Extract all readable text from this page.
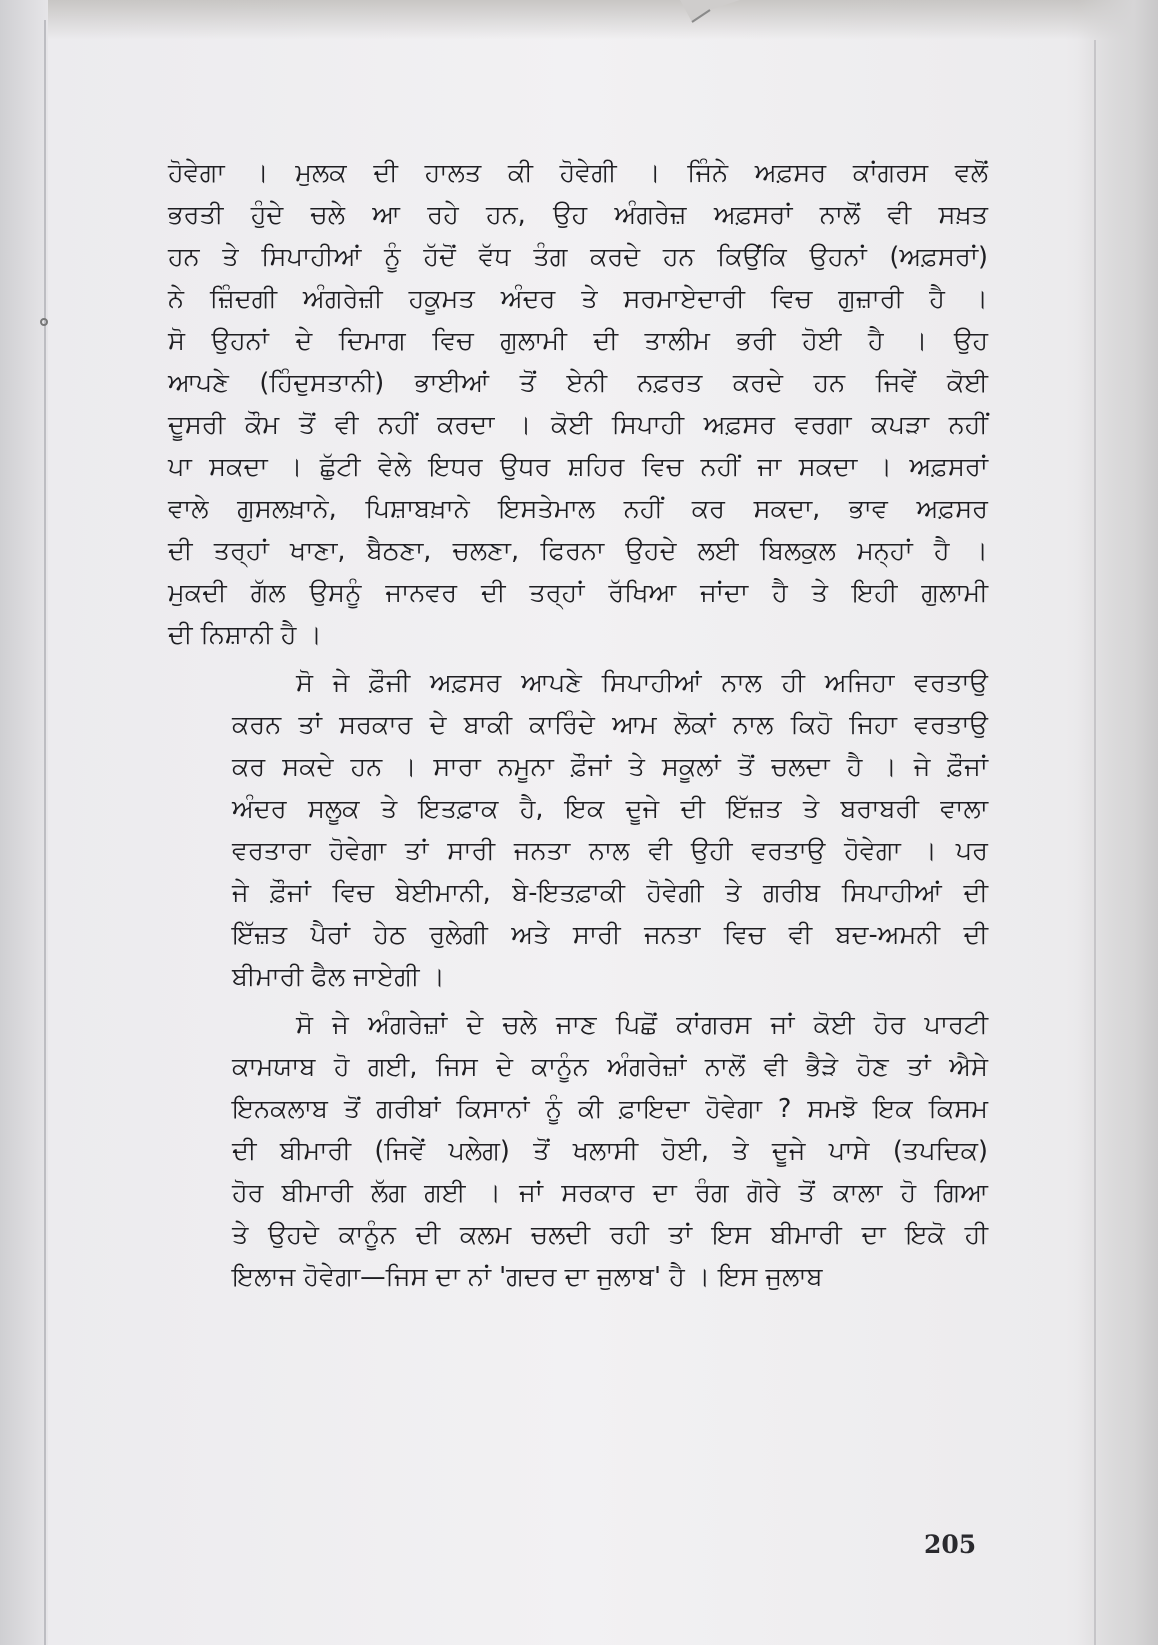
ਹੋਵੇਗਾ । ਮੁਲਕ ਦੀ ਹਾਲਤ ਕੀ ਹੋਵੇਗੀ । ਜਿੰਨੇ ਅਫ਼ਸਰ ਕਾਂਗਰਸ ਵਲੋਂ
ਭਰਤੀ ਹੁੰਦੇ ਚਲੇ ਆ ਰਹੇ ਹਨ, ਉਹ ਅੰਗਰੇਜ਼ ਅਫ਼ਸਰਾਂ ਨਾਲੋਂ ਵੀ ਸਖ਼ਤ
ਹਨ ਤੇ ਸਿਪਾਹੀਆਂ ਨੂੰ ਹੱਦੋਂ ਵੱਧ ਤੰਗ ਕਰਦੇ ਹਨ ਕਿਉਂਕਿ ਉਹਨਾਂ (ਅਫ਼ਸਰਾਂ)
ਨੇ ਜ਼ਿੰਦਗੀ ਅੰਗਰੇਜ਼ੀ ਹਕੂਮਤ ਅੰਦਰ ਤੇ ਸਰਮਾਏਦਾਰੀ ਵਿਚ ਗੁਜ਼ਾਰੀ ਹੈ ।
ਸੋ ਉਹਨਾਂ ਦੇ ਦਿਮਾਗ ਵਿਚ ਗੁਲਾਮੀ ਦੀ ਤਾਲੀਮ ਭਰੀ ਹੋਈ ਹੈ । ਉਹ
ਆਪਣੇ (ਹਿੰਦੁਸਤਾਨੀ) ਭਾਈਆਂ ਤੋਂ ਏਨੀ ਨਫ਼ਰਤ ਕਰਦੇ ਹਨ ਜਿਵੇਂ ਕੋਈ
ਦੂਸਰੀ ਕੌਮ ਤੋਂ ਵੀ ਨਹੀਂ ਕਰਦਾ । ਕੋਈ ਸਿਪਾਹੀ ਅਫ਼ਸਰ ਵਰਗਾ ਕਪੜਾ ਨਹੀਂ
ਪਾ ਸਕਦਾ । ਛੁੱਟੀ ਵੇਲੇ ਇਧਰ ਉਧਰ ਸ਼ਹਿਰ ਵਿਚ ਨਹੀਂ ਜਾ ਸਕਦਾ । ਅਫ਼ਸਰਾਂ
ਵਾਲੇ ਗੁਸਲਖ਼ਾਨੇ, ਪਿਸ਼ਾਬਖ਼ਾਨੇ ਇਸਤੇਮਾਲ ਨਹੀਂ ਕਰ ਸਕਦਾ, ਭਾਵ ਅਫ਼ਸਰ
ਦੀ ਤਰ੍ਹਾਂ ਖਾਣਾ, ਬੈਠਣਾ, ਚਲਣਾ, ਫਿਰਨਾ ਉਹਦੇ ਲਈ ਬਿਲਕੁਲ ਮਨ੍ਹਾਂ ਹੈ ।
ਮੁਕਦੀ ਗੱਲ ਉਸਨੂੰ ਜਾਨਵਰ ਦੀ ਤਰ੍ਹਾਂ ਰੱਖਿਆ ਜਾਂਦਾ ਹੈ ਤੇ ਇਹੀ ਗੁਲਾਮੀ
ਦੀ ਨਿਸ਼ਾਨੀ ਹੈ ।
ਸੋ ਜੇ ਫ਼ੌਜੀ ਅਫ਼ਸਰ ਆਪਣੇ ਸਿਪਾਹੀਆਂ ਨਾਲ ਹੀ ਅਜਿਹਾ ਵਰਤਾਉ
ਕਰਨ ਤਾਂ ਸਰਕਾਰ ਦੇ ਬਾਕੀ ਕਾਰਿੰਦੇ ਆਮ ਲੋਕਾਂ ਨਾਲ ਕਿਹੋ ਜਿਹਾ ਵਰਤਾਉ
ਕਰ ਸਕਦੇ ਹਨ । ਸਾਰਾ ਨਮੂਨਾ ਫ਼ੌਜਾਂ ਤੇ ਸਕੂਲਾਂ ਤੋਂ ਚਲਦਾ ਹੈ । ਜੇ ਫ਼ੌਜਾਂ
ਅੰਦਰ ਸਲੂਕ ਤੇ ਇਤਫ਼ਾਕ ਹੈ, ਇਕ ਦੂਜੇ ਦੀ ਇੱਜ਼ਤ ਤੇ ਬਰਾਬਰੀ ਵਾਲਾ
ਵਰਤਾਰਾ ਹੋਵੇਗਾ ਤਾਂ ਸਾਰੀ ਜਨਤਾ ਨਾਲ ਵੀ ਉਹੀ ਵਰਤਾਉ ਹੋਵੇਗਾ । ਪਰ
ਜੇ ਫ਼ੌਜਾਂ ਵਿਚ ਬੇਈਮਾਨੀ, ਬੇ-ਇਤਫ਼ਾਕੀ ਹੋਵੇਗੀ ਤੇ ਗਰੀਬ ਸਿਪਾਹੀਆਂ ਦੀ
ਇੱਜ਼ਤ ਪੈਰਾਂ ਹੇਠ ਰੁਲੇਗੀ ਅਤੇ ਸਾਰੀ ਜਨਤਾ ਵਿਚ ਵੀ ਬਦ-ਅਮਨੀ ਦੀ
ਬੀਮਾਰੀ ਫੈਲ ਜਾਏਗੀ ।
ਸੋ ਜੇ ਅੰਗਰੇਜ਼ਾਂ ਦੇ ਚਲੇ ਜਾਣ ਪਿਛੋਂ ਕਾਂਗਰਸ ਜਾਂ ਕੋਈ ਹੋਰ ਪਾਰਟੀ
ਕਾਮਯਾਬ ਹੋ ਗਈ, ਜਿਸ ਦੇ ਕਾਨੂੰਨ ਅੰਗਰੇਜ਼ਾਂ ਨਾਲੋਂ ਵੀ ਭੈੜੇ ਹੋਣ ਤਾਂ ਐਸੇ
ਇਨਕਲਾਬ ਤੋਂ ਗਰੀਬਾਂ ਕਿਸਾਨਾਂ ਨੂੰ ਕੀ ਫ਼ਾਇਦਾ ਹੋਵੇਗਾ ? ਸਮਝੋ ਇਕ ਕਿਸਮ
ਦੀ ਬੀਮਾਰੀ (ਜਿਵੇਂ ਪਲੇਗ) ਤੋਂ ਖਲਾਸੀ ਹੋਈ, ਤੇ ਦੂਜੇ ਪਾਸੇ (ਤਪਦਿਕ)
ਹੋਰ ਬੀਮਾਰੀ ਲੱਗ ਗਈ । ਜਾਂ ਸਰਕਾਰ ਦਾ ਰੰਗ ਗੋਰੇ ਤੋਂ ਕਾਲਾ ਹੋ ਗਿਆ
ਤੇ ਉਹਦੇ ਕਾਨੂੰਨ ਦੀ ਕਲਮ ਚਲਦੀ ਰਹੀ ਤਾਂ ਇਸ ਬੀਮਾਰੀ ਦਾ ਇਕੋ ਹੀ
ਇਲਾਜ ਹੋਵੇਗਾ—ਜਿਸ ਦਾ ਨਾਂ 'ਗਦਰ ਦਾ ਜੁਲਾਬ' ਹੈ । ਇਸ ਜੁਲਾਬ
205
